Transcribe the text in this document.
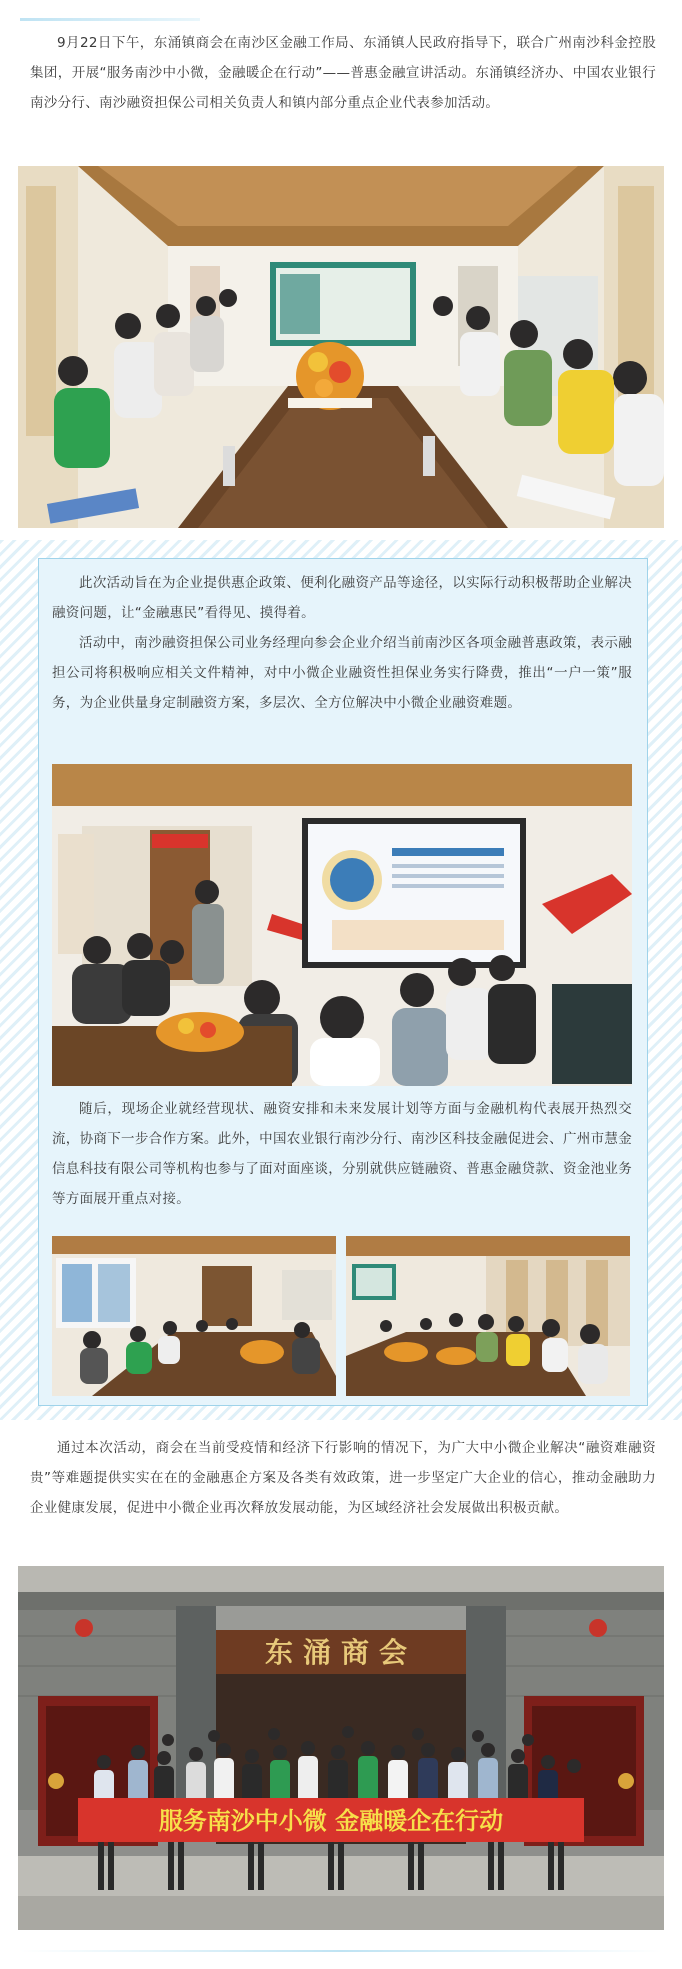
9月22日下午，东涌镇商会在南沙区金融工作局、东涌镇人民政府指导下，联合广州南沙科金控股集团，开展“服务南沙中小微，金融暖企在行动”——普惠金融宣讲活动。东涌镇经济办、中国农业银行南沙分行、南沙融资担保公司相关负责人和镇内部分重点企业代表参加活动。

此次活动旨在为企业提供惠企政策、便利化融资产品等途径，以实际行动积极帮助企业解决融资问题，让“金融惠民”看得见、摸得着。

活动中，南沙融资担保公司业务经理向参会企业介绍当前南沙区各项金融普惠政策，表示融担公司将积极响应相关文件精神，对中小微企业融资性担保业务实行降费，推出“一户一策”服务，为企业供量身定制融资方案，多层次、全方位解决中小微企业融资难题。

随后，现场企业就经营现状、融资安排和未来发展计划等方面与金融机构代表展开热烈交流，协商下一步合作方案。此外，中国农业银行南沙分行、南沙区科技金融促进会、广州市慧金信息科技有限公司等机构也参与了面对面座谈，分别就供应链融资、普惠金融贷款、资金池业务等方面展开重点对接。

通过本次活动，商会在当前受疫情和经济下行影响的情况下，为广大中小微企业解决“融资难融资贵”等难题提供实实在在的金融惠企方案及各类有效政策，进一步坚定广大企业的信心，推动金融助力企业健康发展，促进中小微企业再次释放发展动能，为区域经济社会发展做出积极贡献。

东涌商会
服务南沙中小微 金融暖企在行动
